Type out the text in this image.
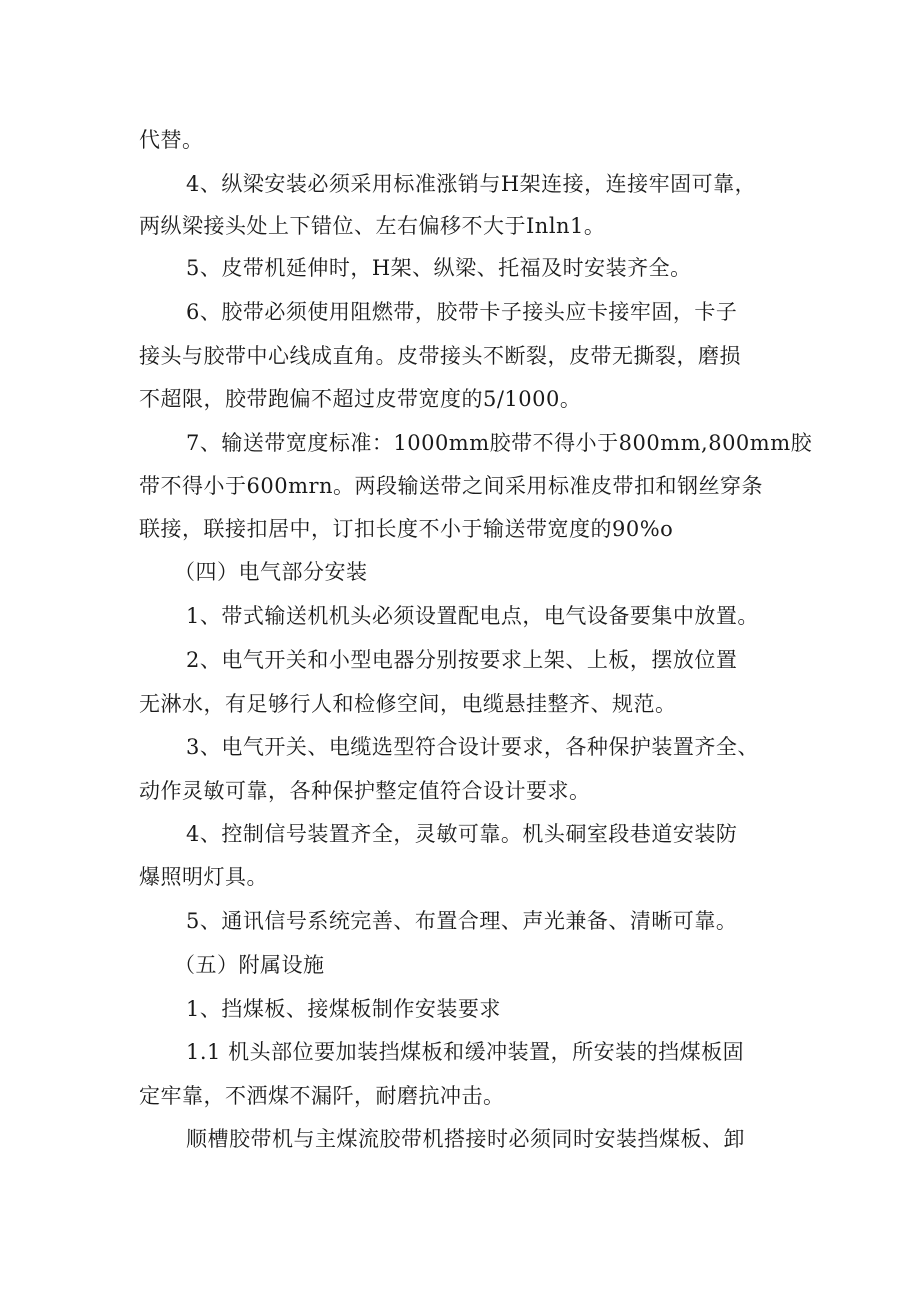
代替。
4、纵梁安装必须采用标准涨销与H架连接，连接牢固可靠，
两纵梁接头处上下错位、左右偏移不大于Inln1。
5、皮带机延伸时，H架、纵梁、托福及时安装齐全。
6、胶带必须使用阻燃带，胶带卡子接头应卡接牢固，卡子
接头与胶带中心线成直角。皮带接头不断裂，皮带无撕裂，磨损
不超限，胶带跑偏不超过皮带宽度的5/1000。
7、输送带宽度标准：1000mm胶带不得小于800mm,800mm胶
带不得小于600mrn。两段输送带之间采用标准皮带扣和钢丝穿条
联接，联接扣居中，订扣长度不小于输送带宽度的90%o
（四）电气部分安装
1、带式输送机机头必须设置配电点，电气设备要集中放置。
2、电气开关和小型电器分别按要求上架、上板，摆放位置
无淋水，有足够行人和检修空间，电缆悬挂整齐、规范。
3、电气开关、电缆选型符合设计要求，各种保护装置齐全、
动作灵敏可靠，各种保护整定值符合设计要求。
4、控制信号装置齐全，灵敏可靠。机头硐室段巷道安装防
爆照明灯具。
5、通讯信号系统完善、布置合理、声光兼备、清晰可靠。
（五）附属设施
1、挡煤板、接煤板制作安装要求
1.1 机头部位要加装挡煤板和缓冲装置，所安装的挡煤板固
定牢靠，不洒煤不漏阡，耐磨抗冲击。
顺槽胶带机与主煤流胶带机搭接时必须同时安装挡煤板、卸
